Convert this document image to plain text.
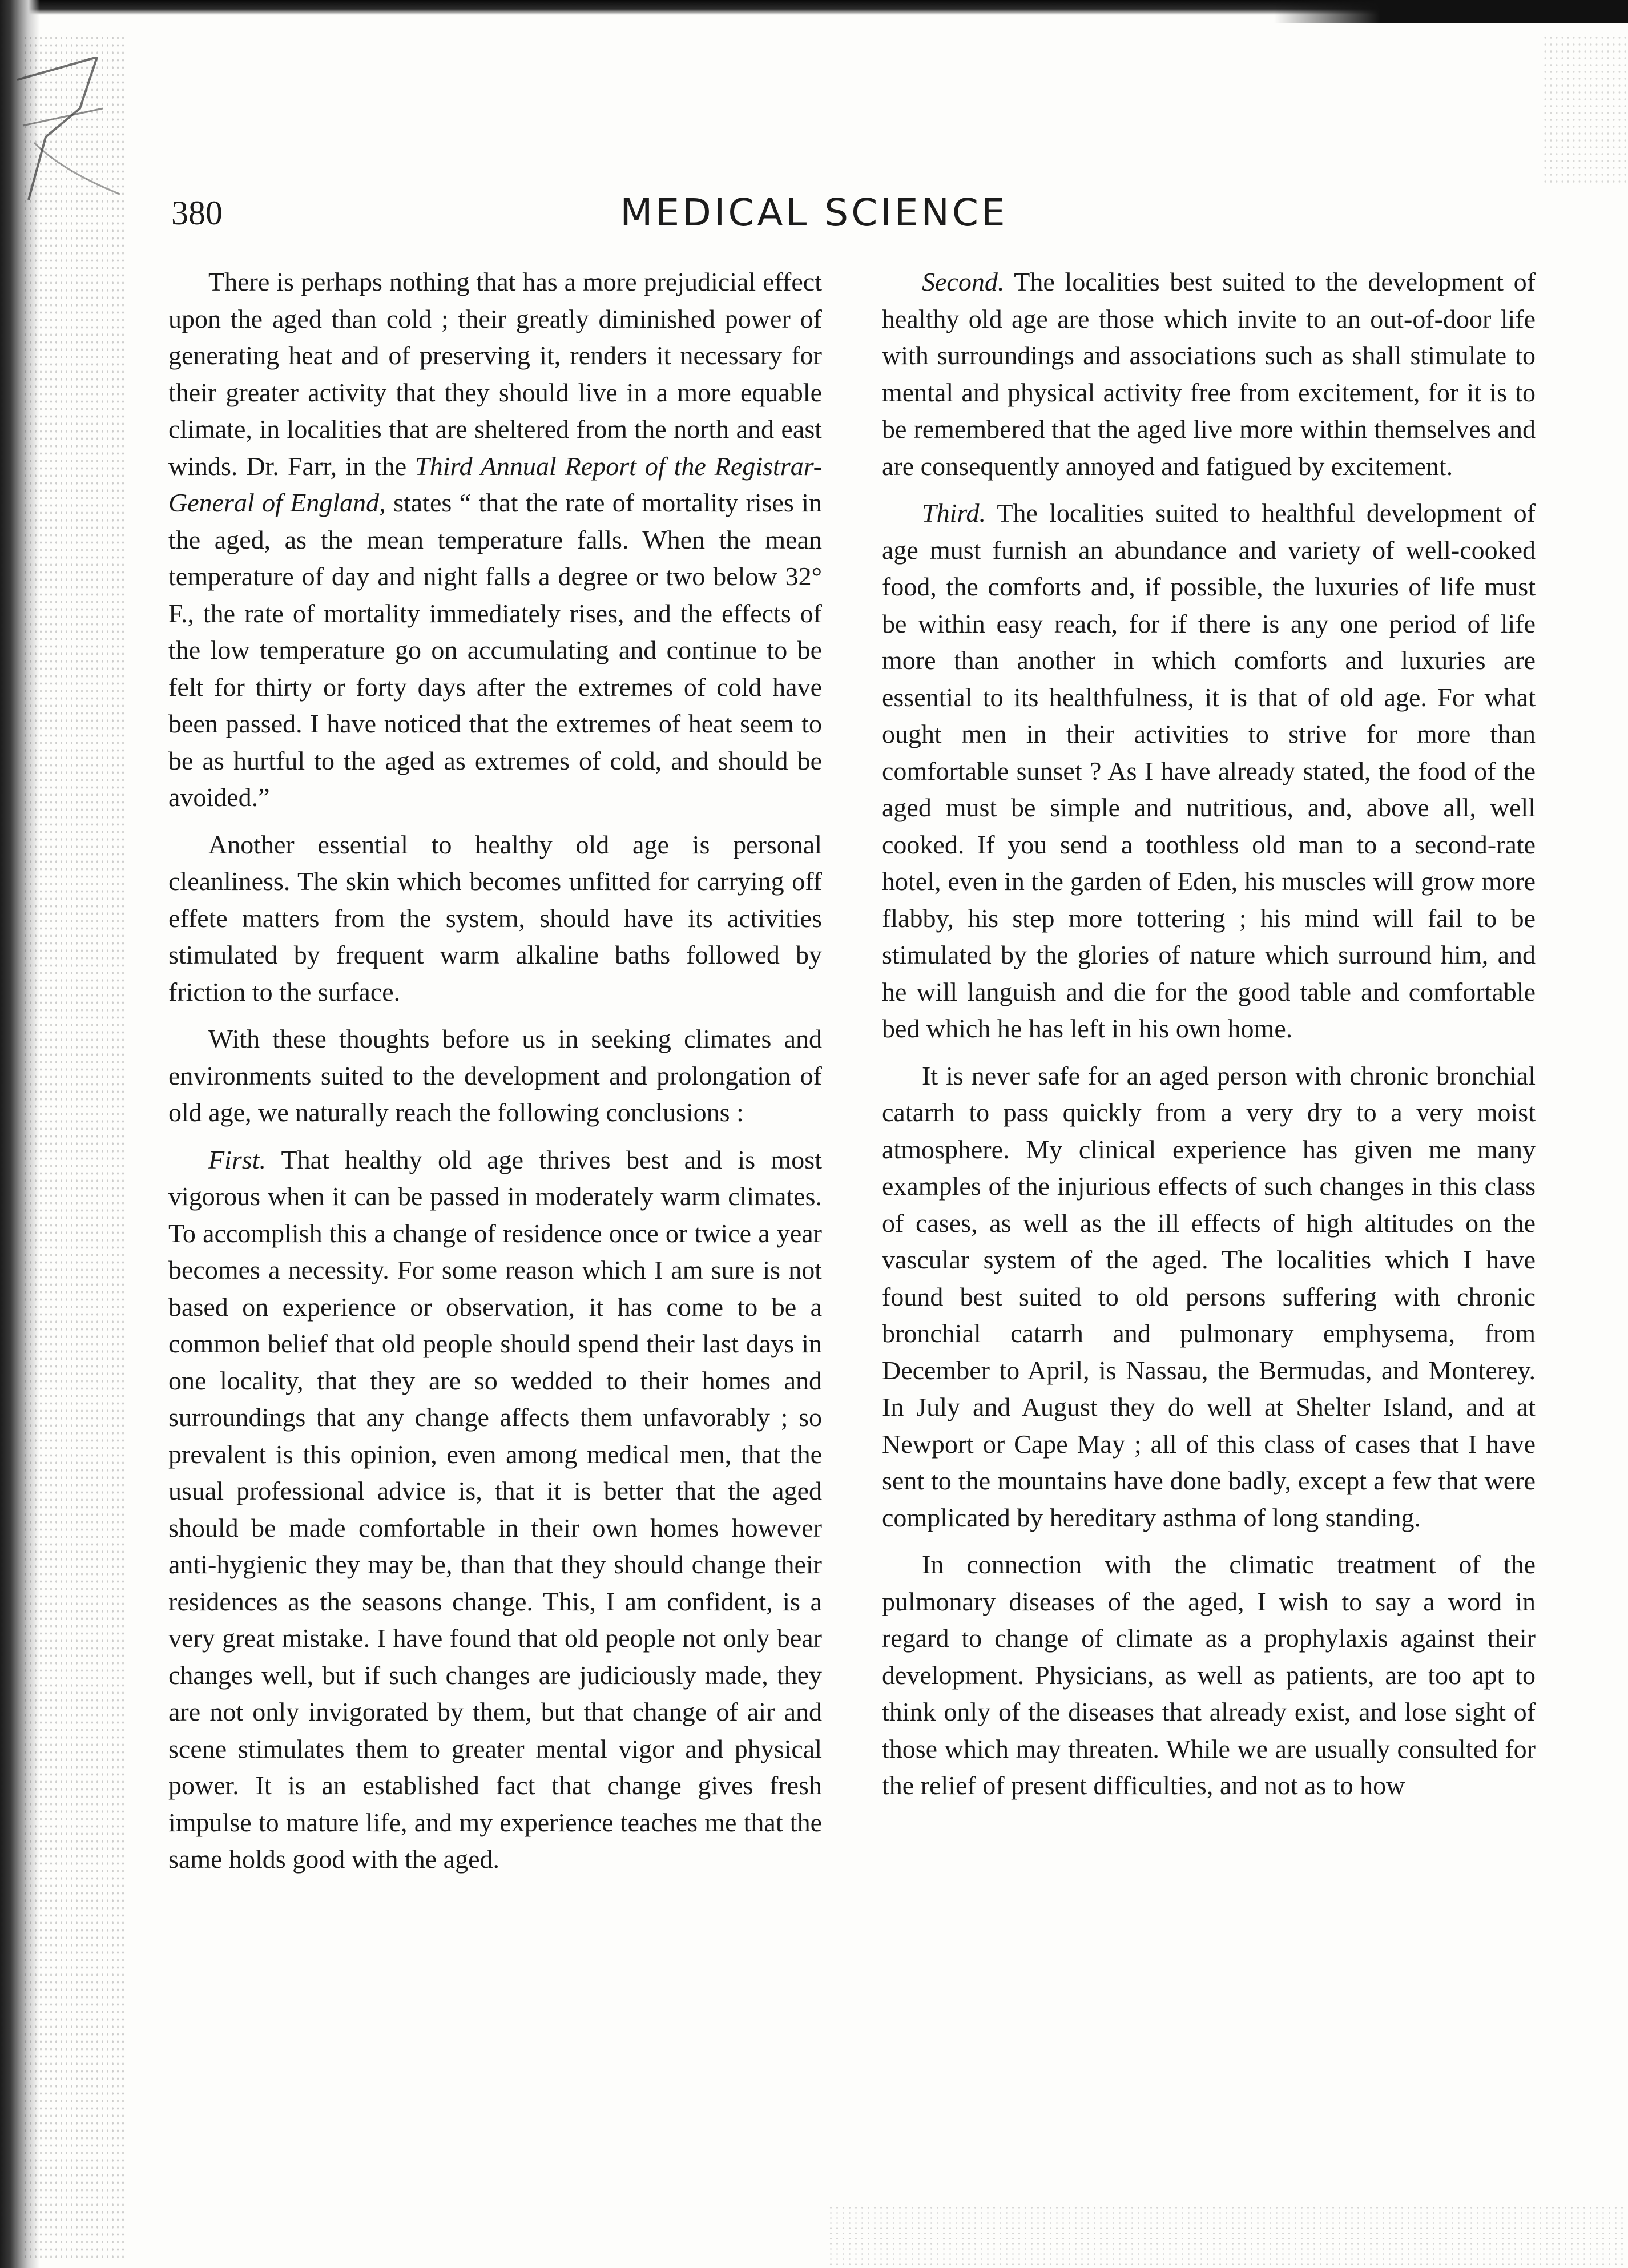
380	MEDICAL SCIENCE

There is perhaps nothing that has a more prejudicial effect upon the aged than cold ; their greatly diminished power of generating heat and of preserving it, renders it necessary for their greater activity that they should live in a more equable climate, in localities that are sheltered from the north and east winds. Dr. Farr, in the Third Annual Report of the Registrar-General of England, states “ that the rate of mortality rises in the aged, as the mean temperature falls. When the mean temperature of day and night falls a degree or two below 32° F., the rate of mortality immediately rises, and the effects of the low temperature go on accumulating and continue to be felt for thirty or forty days after the extremes of cold have been passed. I have noticed that the extremes of heat seem to be as hurtful to the aged as extremes of cold, and should be avoided.”

Another essential to healthy old age is personal cleanliness. The skin which becomes unfitted for carrying off effete matters from the system, should have its activities stimulated by frequent warm alkaline baths followed by friction to the surface.

With these thoughts before us in seeking climates and environments suited to the development and prolongation of old age, we naturally reach the following conclusions :

First. That healthy old age thrives best and is most vigorous when it can be passed in moderately warm climates. To accomplish this a change of residence once or twice a year becomes a necessity. For some reason which I am sure is not based on experience or observation, it has come to be a common belief that old people should spend their last days in one locality, that they are so wedded to their homes and surroundings that any change affects them unfavorably ; so prevalent is this opinion, even among medical men, that the usual professional advice is, that it is better that the aged should be made comfortable in their own homes however anti-hygienic they may be, than that they should change their residences as the seasons change. This, I am confident, is a very great mistake. I have found that old people not only bear changes well, but if such changes are judiciously made, they are not only invigorated by them, but that change of air and scene stimulates them to greater mental vigor and physical power. It is an established fact that change gives fresh impulse to mature life, and my experience teaches me that the same holds good with the aged.

Second. The localities best suited to the development of healthy old age are those which invite to an out-of-door life with surroundings and associations such as shall stimulate to mental and physical activity free from excitement, for it is to be remembered that the aged live more within themselves and are consequently annoyed and fatigued by excitement.

Third. The localities suited to healthful development of age must furnish an abundance and variety of well-cooked food, the comforts and, if possible, the luxuries of life must be within easy reach, for if there is any one period of life more than another in which comforts and luxuries are essential to its healthfulness, it is that of old age. For what ought men in their activities to strive for more than comfortable sunset ? As I have already stated, the food of the aged must be simple and nutritious, and, above all, well cooked. If you send a toothless old man to a second-rate hotel, even in the garden of Eden, his muscles will grow more flabby, his step more tottering ; his mind will fail to be stimulated by the glories of nature which surround him, and he will languish and die for the good table and comfortable bed which he has left in his own home.

It is never safe for an aged person with chronic bronchial catarrh to pass quickly from a very dry to a very moist atmosphere. My clinical experience has given me many examples of the injurious effects of such changes in this class of cases, as well as the ill effects of high altitudes on the vascular system of the aged. The localities which I have found best suited to old persons suffering with chronic bronchial catarrh and pulmonary emphysema, from December to April, is Nassau, the Bermudas, and Monterey. In July and August they do well at Shelter Island, and at Newport or Cape May ; all of this class of cases that I have sent to the mountains have done badly, except a few that were complicated by hereditary asthma of long standing.

In connection with the climatic treatment of the pulmonary diseases of the aged, I wish to say a word in regard to change of climate as a prophylaxis against their development. Physicians, as well as patients, are too apt to think only of the diseases that already exist, and lose sight of those which may threaten. While we are usually consulted for the relief of present difficulties, and not as to how
